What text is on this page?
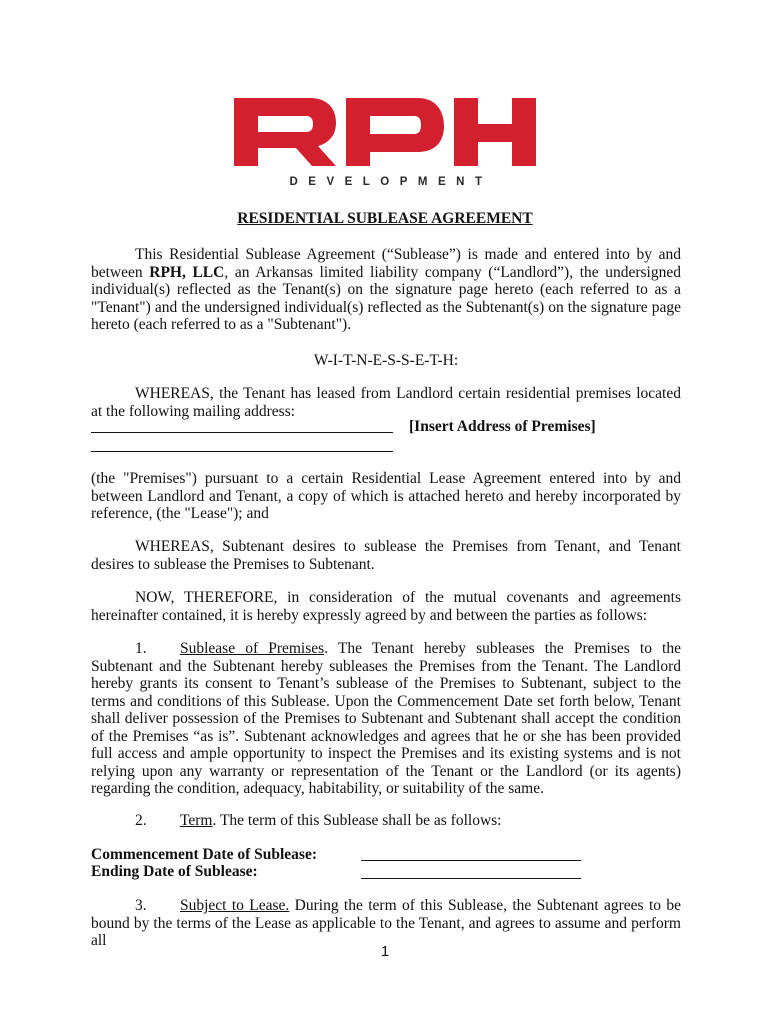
DEVELOPMENT
RESIDENTIAL SUBLEASE AGREEMENT
This Residential Sublease Agreement (“Sublease”) is made and entered into by and between RPH, LLC, an Arkansas limited liability company (“Landlord”), the undersigned individual(s) reflected as the Tenant(s) on the signature page hereto (each referred to as a "Tenant") and the undersigned individual(s) reflected as the Subtenant(s) on the signature page hereto (each referred to as a "Subtenant").
W-I-T-N-E-S-S-E-T-H:
WHEREAS, the Tenant has leased from Landlord certain residential premises located at the following mailing address:
[Insert Address of Premises]
(the "Premises") pursuant to a certain Residential Lease Agreement entered into by and between Landlord and Tenant, a copy of which is attached hereto and hereby incorporated by reference, (the "Lease"); and
WHEREAS, Subtenant desires to sublease the Premises from Tenant, and Tenant desires to sublease the Premises to Subtenant.
NOW, THEREFORE, in consideration of the mutual covenants and agreements hereinafter contained, it is hereby expressly agreed by and between the parties as follows:
1. Sublease of Premises. The Tenant hereby subleases the Premises to the Subtenant and the Subtenant hereby subleases the Premises from the Tenant. The Landlord hereby grants its consent to Tenant’s sublease of the Premises to Subtenant, subject to the terms and conditions of this Sublease. Upon the Commencement Date set forth below, Tenant shall deliver possession of the Premises to Subtenant and Subtenant shall accept the condition of the Premises “as is”. Subtenant acknowledges and agrees that he or she has been provided full access and ample opportunity to inspect the Premises and its existing systems and is not relying upon any warranty or representation of the Tenant or the Landlord (or its agents) regarding the condition, adequacy, habitability, or suitability of the same.
2. Term. The term of this Sublease shall be as follows:
Commencement Date of Sublease:
Ending Date of Sublease:
3. Subject to Lease. During the term of this Sublease, the Subtenant agrees to be bound by the terms of the Lease as applicable to the Tenant, and agrees to assume and perform all
1
